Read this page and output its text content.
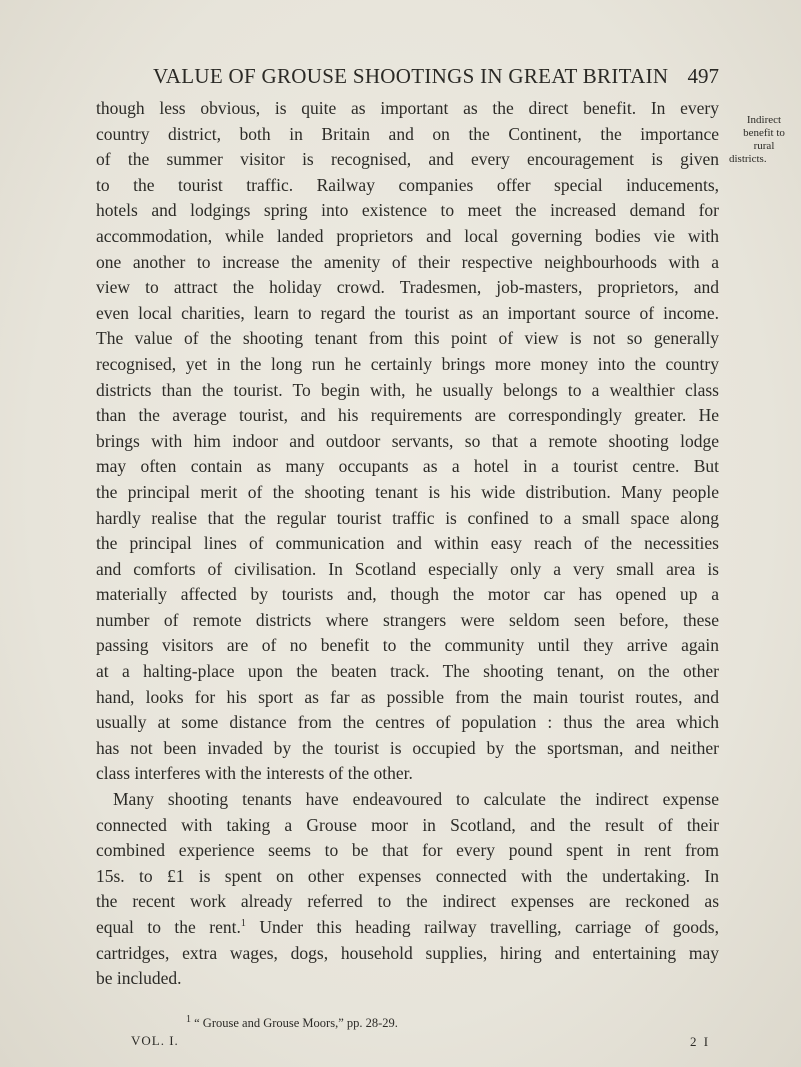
VALUE OF GROUSE SHOOTINGS IN GREAT BRITAIN 497
though less obvious, is quite as important as the direct benefit. In every
country district, both in Britain and on the Continent, the importance
of the summer visitor is recognised, and every encouragement is given
to the tourist traffic. Railway companies offer special inducements,
hotels and lodgings spring into existence to meet the increased demand for
accommodation, while landed proprietors and local governing bodies vie with
one another to increase the amenity of their respective neighbourhoods with a
view to attract the holiday crowd. Tradesmen, job-masters, proprietors, and
even local charities, learn to regard the tourist as an important source of income.
The value of the shooting tenant from this point of view is not so generally
recognised, yet in the long run he certainly brings more money into the country
districts than the tourist. To begin with, he usually belongs to a wealthier class
than the average tourist, and his requirements are correspondingly greater. He
brings with him indoor and outdoor servants, so that a remote shooting lodge
may often contain as many occupants as a hotel in a tourist centre. But
the principal merit of the shooting tenant is his wide distribution. Many people
hardly realise that the regular tourist traffic is confined to a small space along
the principal lines of communication and within easy reach of the necessities
and comforts of civilisation. In Scotland especially only a very small area is
materially affected by tourists and, though the motor car has opened up a
number of remote districts where strangers were seldom seen before, these
passing visitors are of no benefit to the community until they arrive again
at a halting-place upon the beaten track. The shooting tenant, on the other
hand, looks for his sport as far as possible from the main tourist routes, and
usually at some distance from the centres of population : thus the area which
has not been invaded by the tourist is occupied by the sportsman, and neither
class interferes with the interests of the other.
Many shooting tenants have endeavoured to calculate the indirect expense
connected with taking a Grouse moor in Scotland, and the result of their
combined experience seems to be that for every pound spent in rent from
15s. to £1 is spent on other expenses connected with the undertaking. In
the recent work already referred to the indirect expenses are reckoned as
equal to the rent.$^1$ Under this heading railway travelling, carriage of goods,
cartridges, extra wages, dogs, household supplies, hiring and entertaining may
be included.
Indirect
benefit to
rural
districts.
$^1$ “ Grouse and Grouse Moors,” pp. 28-29.
VOL. I.	2 I
